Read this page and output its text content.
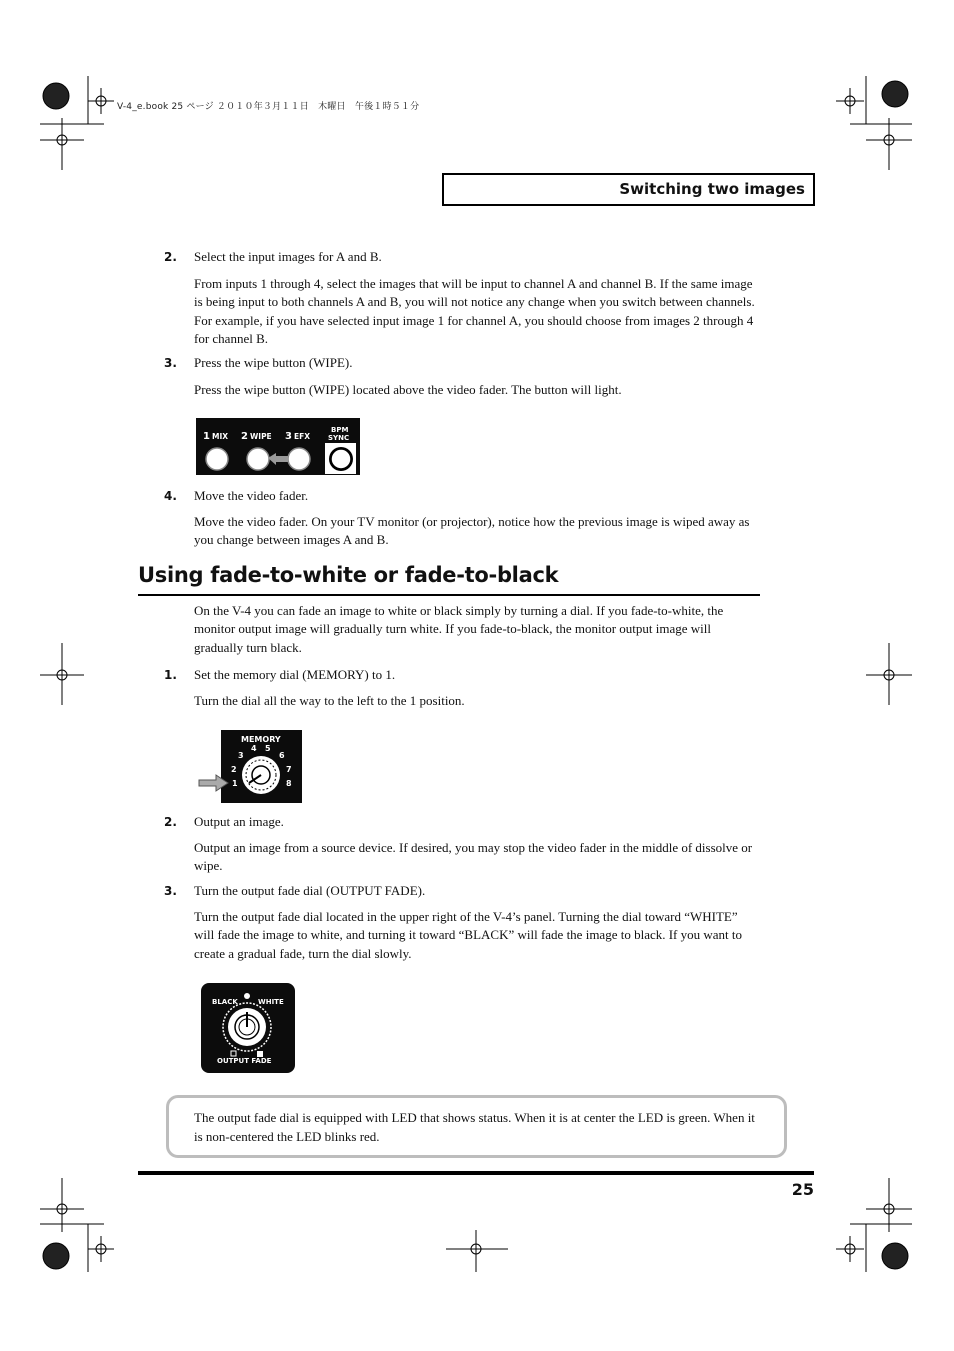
V-4_e.book 25 ページ ２０１０年３月１１日　木曜日　午後１時５１分
Switching two images
2. Select the input images for A and B.
From inputs 1 through 4, select the images that will be input to channel A and channel B. If the same image is being input to both channels A and B, you will not notice any change when you switch between channels. For example, if you have selected input image 1 for channel A, you should choose from images 2 through 4 for channel B.
3. Press the wipe button (WIPE).
Press the wipe button (WIPE) located above the video fader. The button will light.
1 MIX 2 WIPE 3 EFX
BPM
SYNC
4. Move the video fader.
Move the video fader. On your TV monitor (or projector), notice how the previous image is wiped away as you change between images A and B.
Using fade-to-white or fade-to-black
On the V-4 you can fade an image to white or black simply by turning a dial. If you fade-to-white, the monitor output image will gradually turn white. If you fade-to-black, the monitor output image will gradually turn black.
1. Set the memory dial (MEMORY) to 1.
Turn the dial all the way to the left to the 1 position.
MEMORY
1
2
3
4 5
6
7
8
2. Output an image.
Output an image from a source device. If desired, you may stop the video fader in the middle of dissolve or wipe.
3. Turn the output fade dial (OUTPUT FADE).
Turn the output fade dial located in the upper right of the V-4’s panel. Turning the dial toward “WHITE” will fade the image to white, and turning it toward “BLACK” will fade the image to black. If you want to create a gradual fade, turn the dial slowly.
BLACK	WHITE
OUTPUT FADE
The output fade dial is equipped with LED that shows status. When it is at center the LED is green. When it is non-centered the LED blinks red.
25
